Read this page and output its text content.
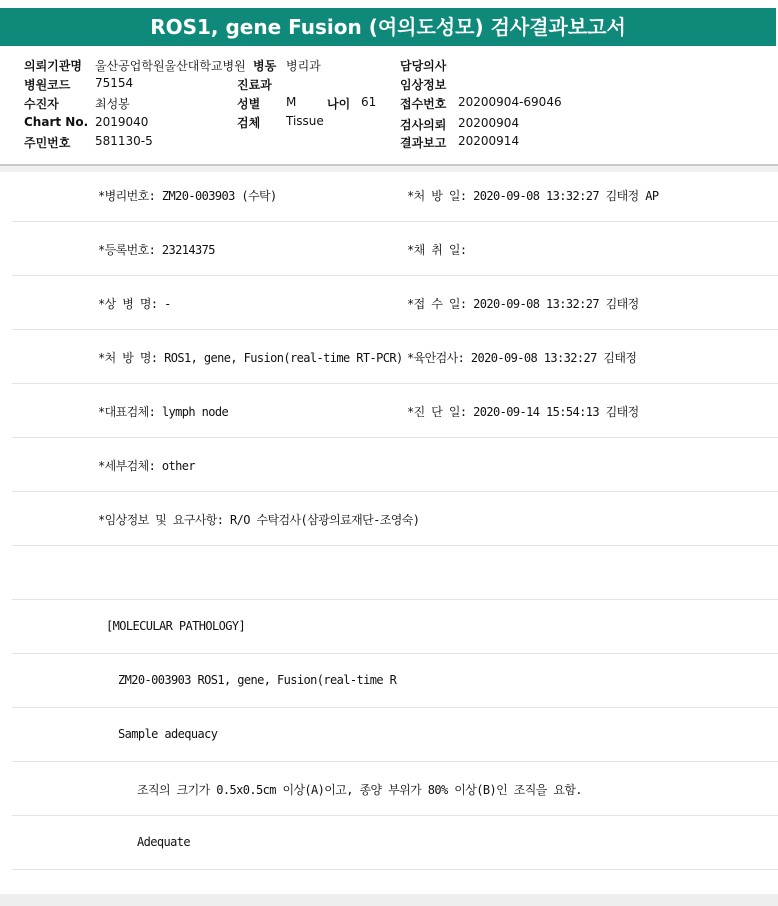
ROS1, gene Fusion (여의도성모) 검사결과보고서
의뢰기관명 울산공업학원울산대학교병원 병동 병리과	담당의사
병원코드 75154	진료과	임상정보
수진자	최성봉	성별 M	나이 61 접수번호 20200904-69046
Chart No. 2019040	검체 Tissue	검사의뢰 20200904
주민번호 581130-5	결과보고 20200914
*병리번호: ZM20-003903 (수탁)	*처 방 일: 2020-09-08 13:32:27 김태정 AP
*등록번호: 23214375	*채 취 일:
*상 병 명: -	*접 수 일: 2020-09-08 13:32:27 김태정
*처 방 명: ROS1, gene, Fusion(real-time RT-PCR) *육안검사: 2020-09-08 13:32:27 김태정
*대표검체: lymph node	*진 단 일: 2020-09-14 15:54:13 김태정
*세부검체: other
*임상정보 및 요구사항: R/O 수탁검사(삼광의료재단-조영숙)
[MOLECULAR PATHOLOGY]
ZM20-003903 ROS1, gene, Fusion(real-time R
Sample adequacy
조직의 크기가 0.5x0.5cm 이상(A)이고, 종양 부위가 80% 이상(B)인 조직을 요함.
Adequate
